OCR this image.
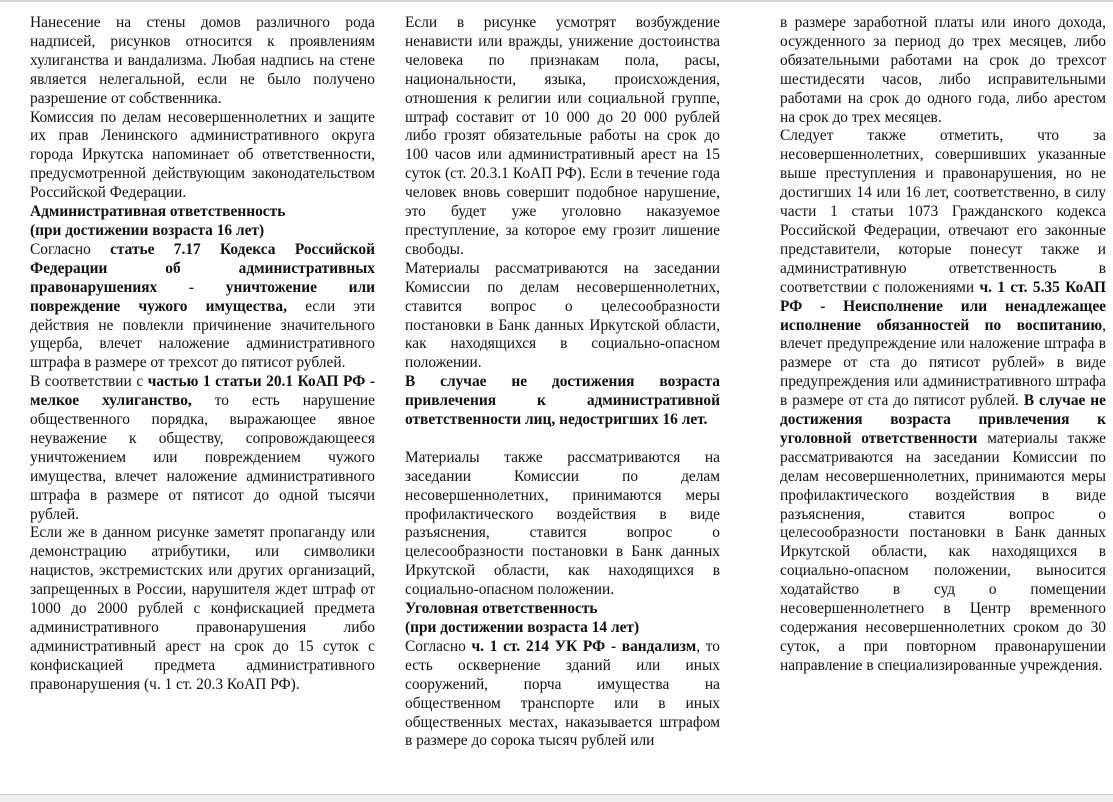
Нанесение на стены домов различного рода надписей, рисунков относится к проявлениям хулиганства и вандализма. Любая надпись на стене является нелегальной, если не было получено разрешение от собственника.

Комиссия по делам несовершеннолетних и защите их прав Ленинского административного округа города Иркутска напоминает об ответственности, предусмотренной действующим законодательством Российской Федерации.

Административная ответственность

(при достижении возраста 16 лет)

Согласно статье 7.17 Кодекса Российской Федерации об административных правонарушениях - уничтожение или повреждение чужого имущества, если эти действия не повлекли причинение значительного ущерба, влечет наложение административного штрафа в размере от трехсот до пятисот рублей.

В соответствии с частью 1 статьи 20.1 КоАП РФ - мелкое хулиганство, то есть нарушение общественного порядка, выражающее явное неуважение к обществу, сопровождающееся уничтожением или повреждением чужого имущества, влечет наложение административного штрафа в размере от пятисот до одной тысячи рублей.

Если же в данном рисунке заметят пропаганду или демонстрацию атрибутики, или символики нацистов, экстремистских или других организаций, запрещенных в России, нарушителя ждет штраф от 1000 до 2000 рублей с конфискацией предмета административного правонарушения либо административный арест на срок до 15 суток с конфискацией предмета административного правонарушения (ч. 1 ст. 20.3 КоАП РФ).

Если в рисунке усмотрят возбуждение ненависти или вражды, унижение достоинства человека по признакам пола, расы, национальности, языка, происхождения, отношения к религии или социальной группе, штраф составит от 10 000 до 20 000 рублей либо грозят обязательные работы на срок до 100 часов или административный арест на 15 суток (ст. 20.3.1 КоАП РФ). Если в течение года человек вновь совершит подобное нарушение, это будет уже уголовно наказуемое преступление, за которое ему грозит лишение свободы.

Материалы рассматриваются на заседании Комиссии по делам несовершеннолетних, ставится вопрос о целесообразности постановки в Банк данных Иркутской области, как находящихся в социально-опасном положении.

В случае не достижения возраста привлечения к административной ответственности лиц, недостригших 16 лет.

Материалы также рассматриваются на заседании Комиссии по делам несовершеннолетних, принимаются меры профилактического воздействия в виде разъяснения, ставится вопрос о целесообразности постановки в Банк данных Иркутской области, как находящихся в социально-опасном положении.

Уголовная ответственность

(при достижении возраста 14 лет)

Согласно ч. 1 ст. 214 УК РФ - вандализм, то есть осквернение зданий или иных сооружений, порча имущества на общественном транспорте или в иных общественных местах, наказывается штрафом в размере до сорока тысяч рублей или

в размере заработной платы или иного дохода, осужденного за период до трех месяцев, либо обязательными работами на срок до трехсот шестидесяти часов, либо исправительными работами на срок до одного года, либо арестом на срок до трех месяцев.

Следует также отметить, что за несовершеннолетних, совершивших указанные выше преступления и правонарушения, но не достигших 14 или 16 лет, соответственно, в силу части 1 статьи 1073 Гражданского кодекса Российской Федерации, отвечают его законные представители, которые понесут также и административную ответственность в соответствии с положениями ч. 1 ст. 5.35 КоАП РФ - Неисполнение или ненадлежащее исполнение обязанностей по воспитанию, влечет предупреждение или наложение штрафа в размере от ста до пятисот рублей» в виде предупреждения или административного штрафа в размере от ста до пятисот рублей. В случае не достижения возраста привлечения к уголовной ответственности материалы также рассматриваются на заседании Комиссии по делам несовершеннолетних, принимаются меры профилактического воздействия в виде разъяснения, ставится вопрос о целесообразности постановки в Банк данных Иркутской области, как находящихся в социально-опасном положении, выносится ходатайство в суд о помещении несовершеннолетнего в Центр временного содержания несовершеннолетних сроком до 30 суток, а при повторном правонарушении направление в специализированные учреждения.
